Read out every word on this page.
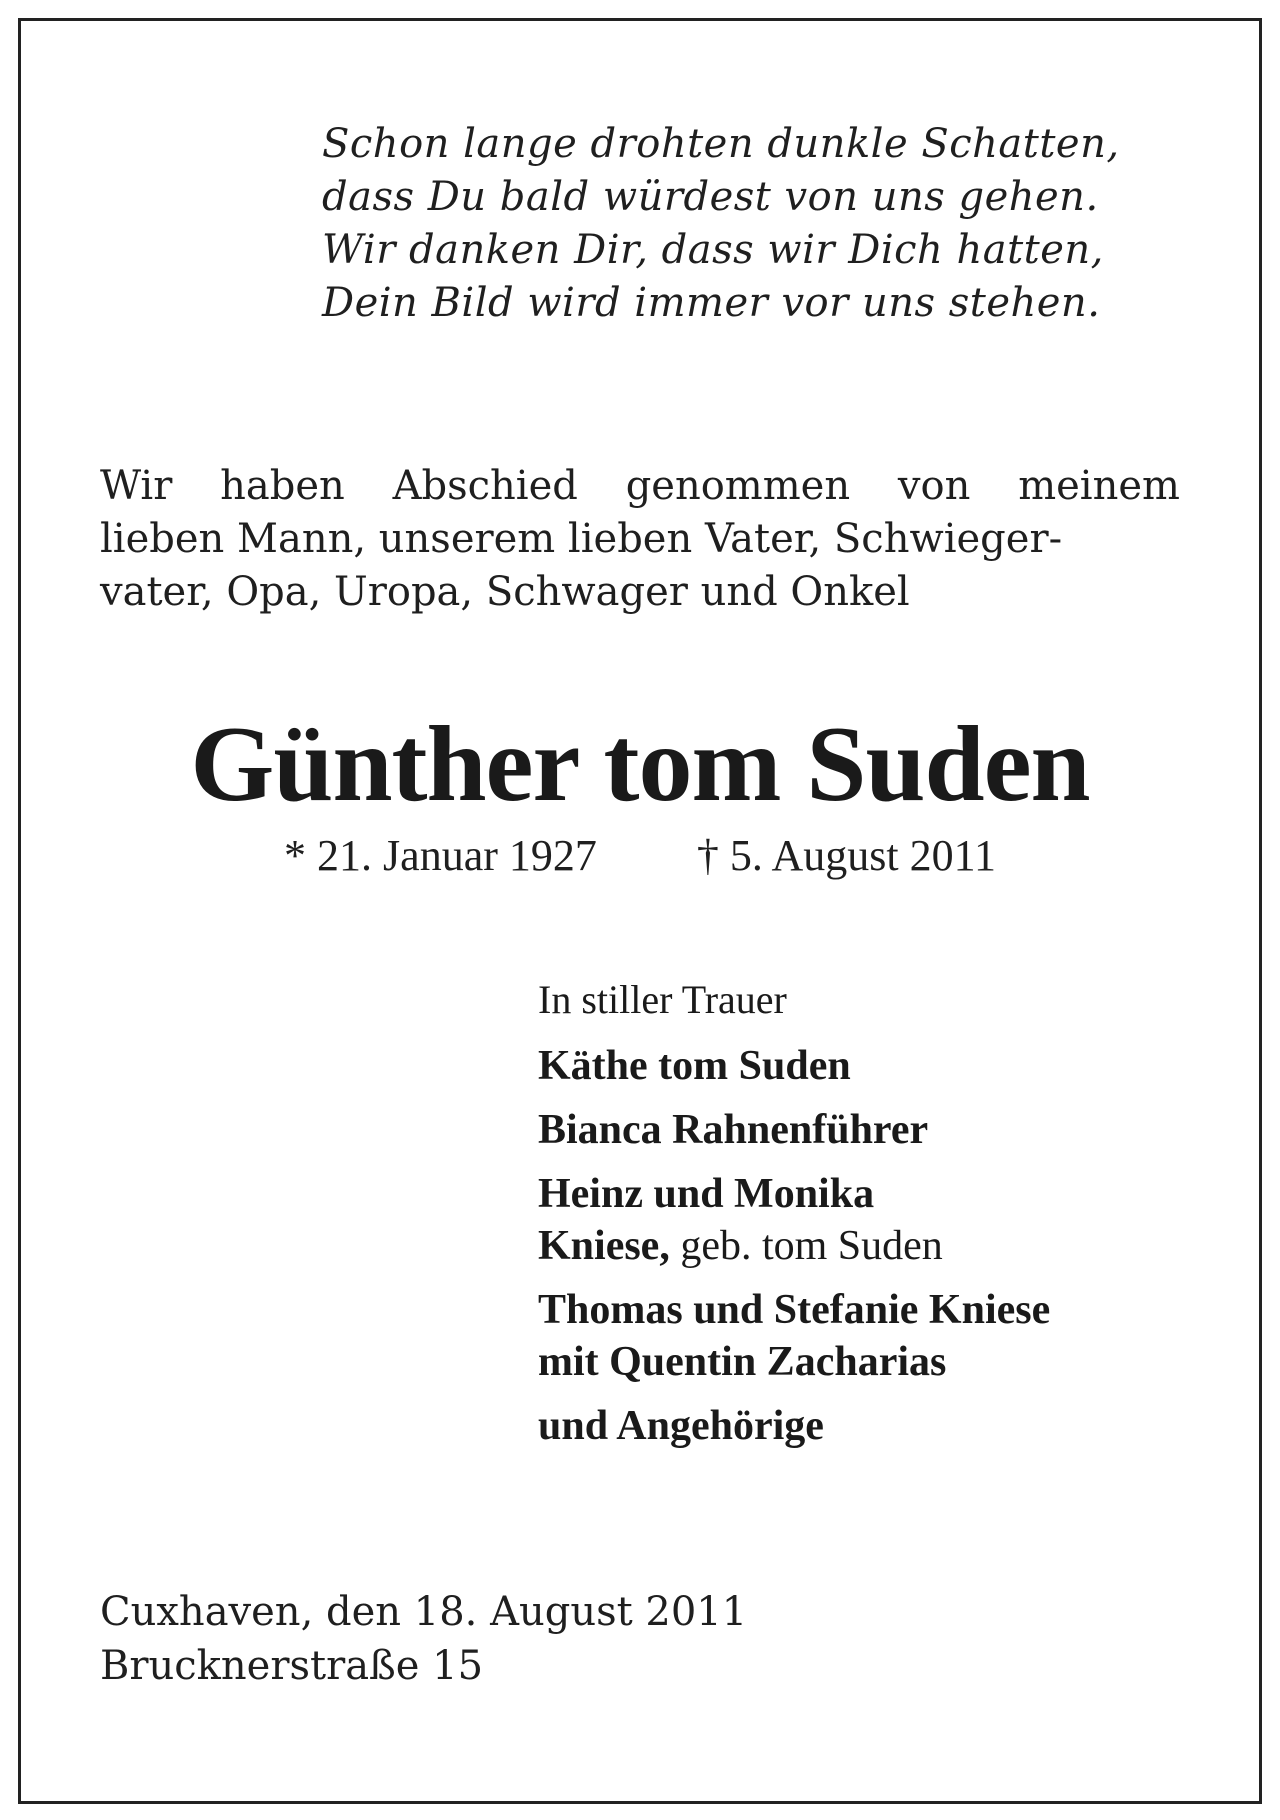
Schon lange drohten dunkle Schatten,
dass Du bald würdest von uns gehen.
Wir danken Dir, dass wir Dich hatten,
Dein Bild wird immer vor uns stehen.
Wir haben Abschied genommen von meinem
lieben Mann, unserem lieben Vater, Schwieger-
vater, Opa, Uropa, Schwager und Onkel
Günther tom Suden
* 21. Januar 1927 † 5. August 2011
In stiller Trauer
Käthe tom Suden
Bianca Rahnenführer
Heinz und Monika
Kniese, geb. tom Suden
Thomas und Stefanie Kniese
mit Quentin Zacharias
und Angehörige
Cuxhaven, den 18. August 2011
Brucknerstraße 15
